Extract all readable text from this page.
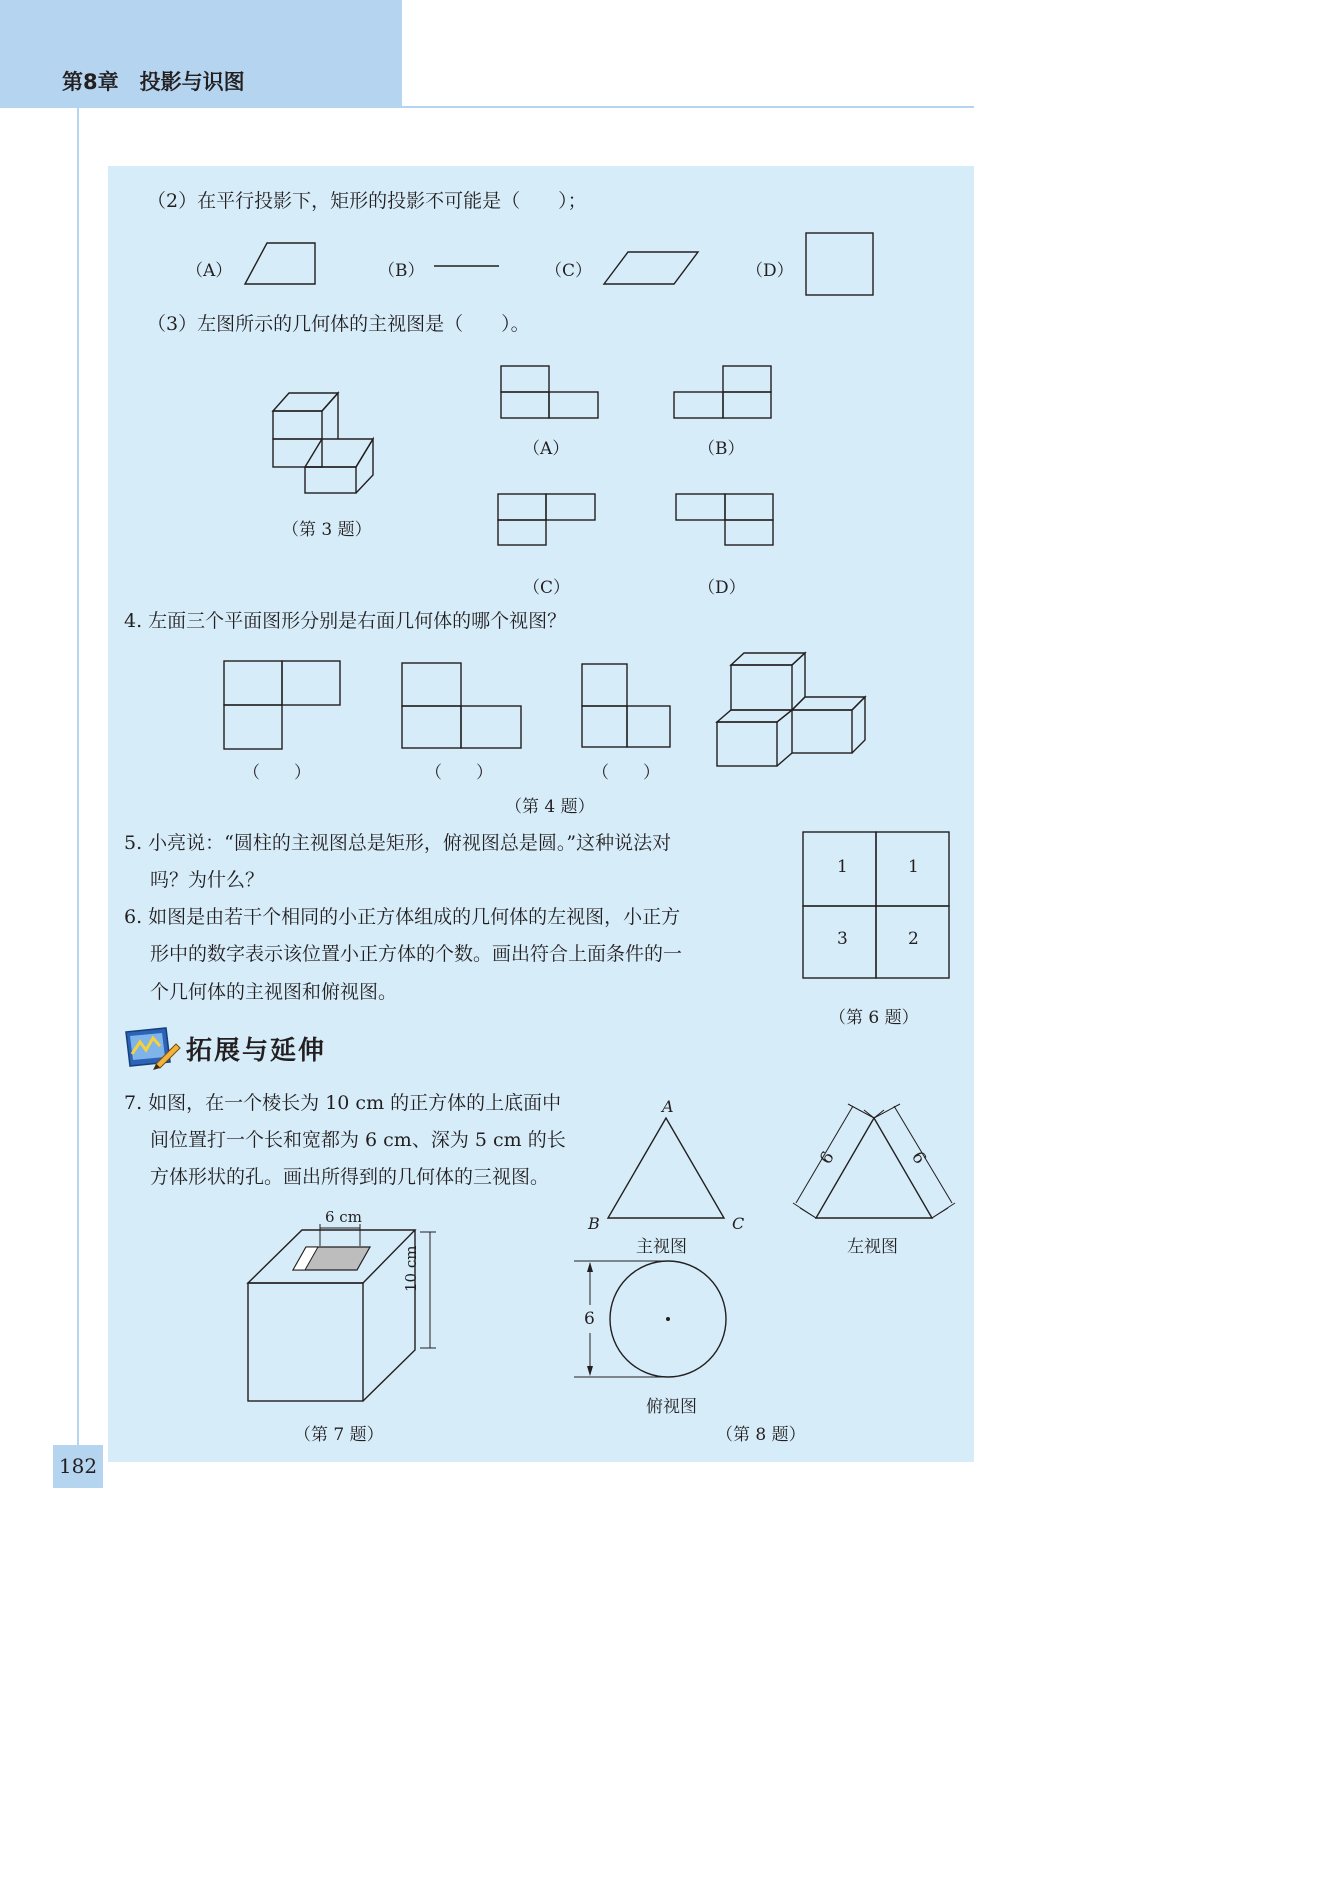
第8章　投影与识图
（2）在平行投影下，矩形的投影不可能是（　　）；
（A）	（B）	（C）	（D）
（3）左图所示的几何体的主视图是（　　）。
（A）	（B）
（第 3 题）
（C）	（D）
4. 左面三个平面图形分别是右面几何体的哪个视图？
（　　）	（　　）	（　　）
（第 4 题）
5. 小亮说：“圆柱的主视图总是矩形，俯视图总是圆。”这种说法对
吗？为什么？
6. 如图是由若干个相同的小正方体组成的几何体的左视图，小正方
形中的数字表示该位置小正方体的个数。画出符合上面条件的一
个几何体的主视图和俯视图。
1	1
3	2
（第 6 题）
拓展与延伸
7. 如图，在一个棱长为 10 cm 的正方体的上底面中
间位置打一个长和宽都为 6 cm、深为 5 cm 的长
方体形状的孔。画出所得到的几何体的三视图。
6 cm
10 cm
（第 7 题）
A
B	C
主视图	左视图
6	6
6
俯视图
（第 8 题）
182
